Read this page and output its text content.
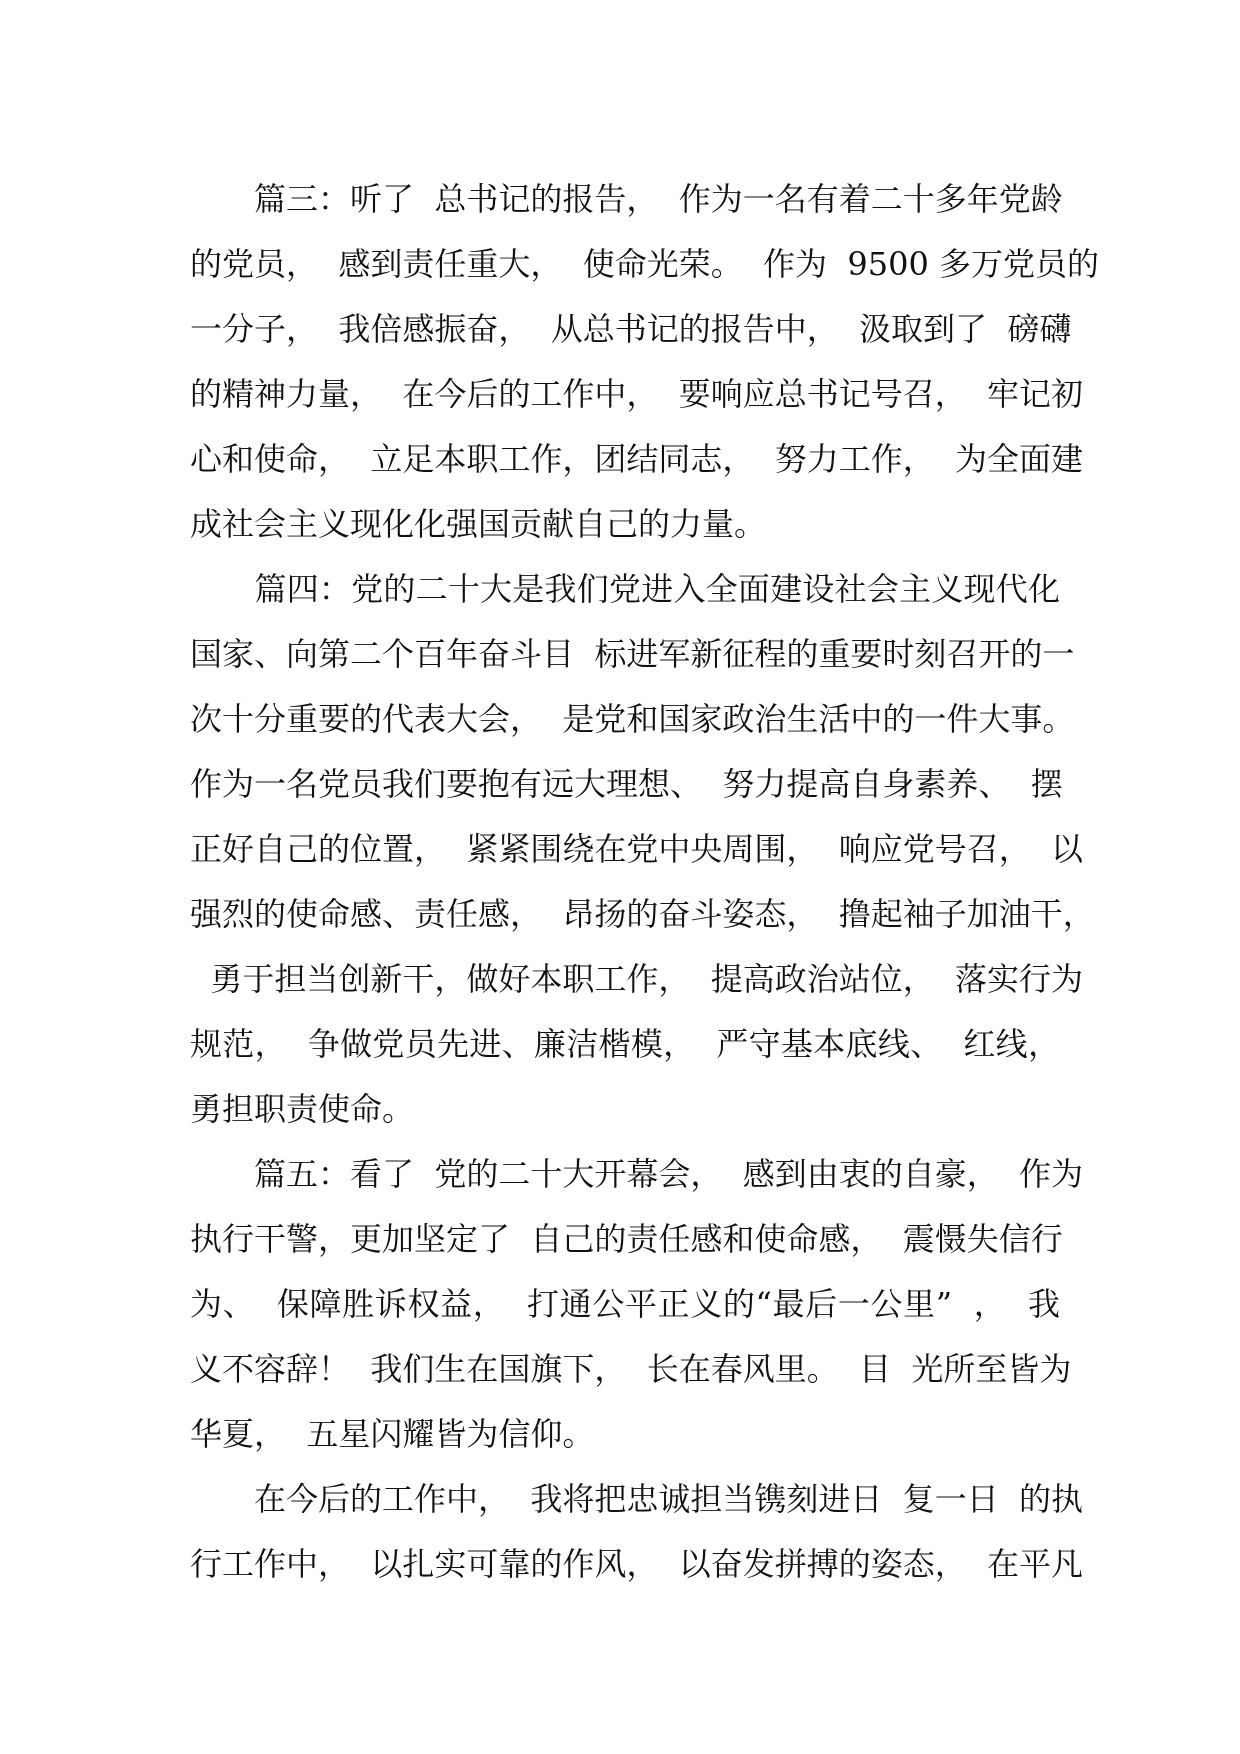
　　篇三：听了  总书记的报告，  作为一名有着二十多年党龄
的党员，  感到责任重大，  使命光荣。  作为  9500 多万党员的
一分子，  我倍感振奋，  从总书记的报告中，  汲取到了  磅礴
的精神力量，  在今后的工作中，  要响应总书记号召，  牢记初
心和使命，  立足本职工作，团结同志，  努力工作，  为全面建
成社会主义现化化强国贡献自己的力量。
　　篇四：党的二十大是我们党进入全面建设社会主义现代化
国家、向第二个百年奋斗目  标进军新征程的重要时刻召开的一
次十分重要的代表大会，  是党和国家政治生活中的一件大事。
作为一名党员我们要抱有远大理想、  努力提高自身素养、  摆
正好自己的位置，  紧紧围绕在党中央周围，  响应党号召，  以
强烈的使命感、责任感，  昂扬的奋斗姿态，  撸起袖子加油干，
勇于担当创新干，做好本职工作，  提高政治站位，  落实行为
规范，  争做党员先进、廉洁楷模，  严守基本底线、  红线，
勇担职责使命。
　　篇五：看了  党的二十大开幕会，  感到由衷的自豪，  作为
执行干警，更加坚定了  自己的责任感和使命感，  震慑失信行
为、  保障胜诉权益，  打通公平正义的“最后一公里”  ，  我
义不容辞！  我们生在国旗下，  长在春风里。  目  光所至皆为
华夏，  五星闪耀皆为信仰。
　　在今后的工作中，  我将把忠诚担当镌刻进日  复一日  的执
行工作中，  以扎实可靠的作风，  以奋发拼搏的姿态，  在平凡
